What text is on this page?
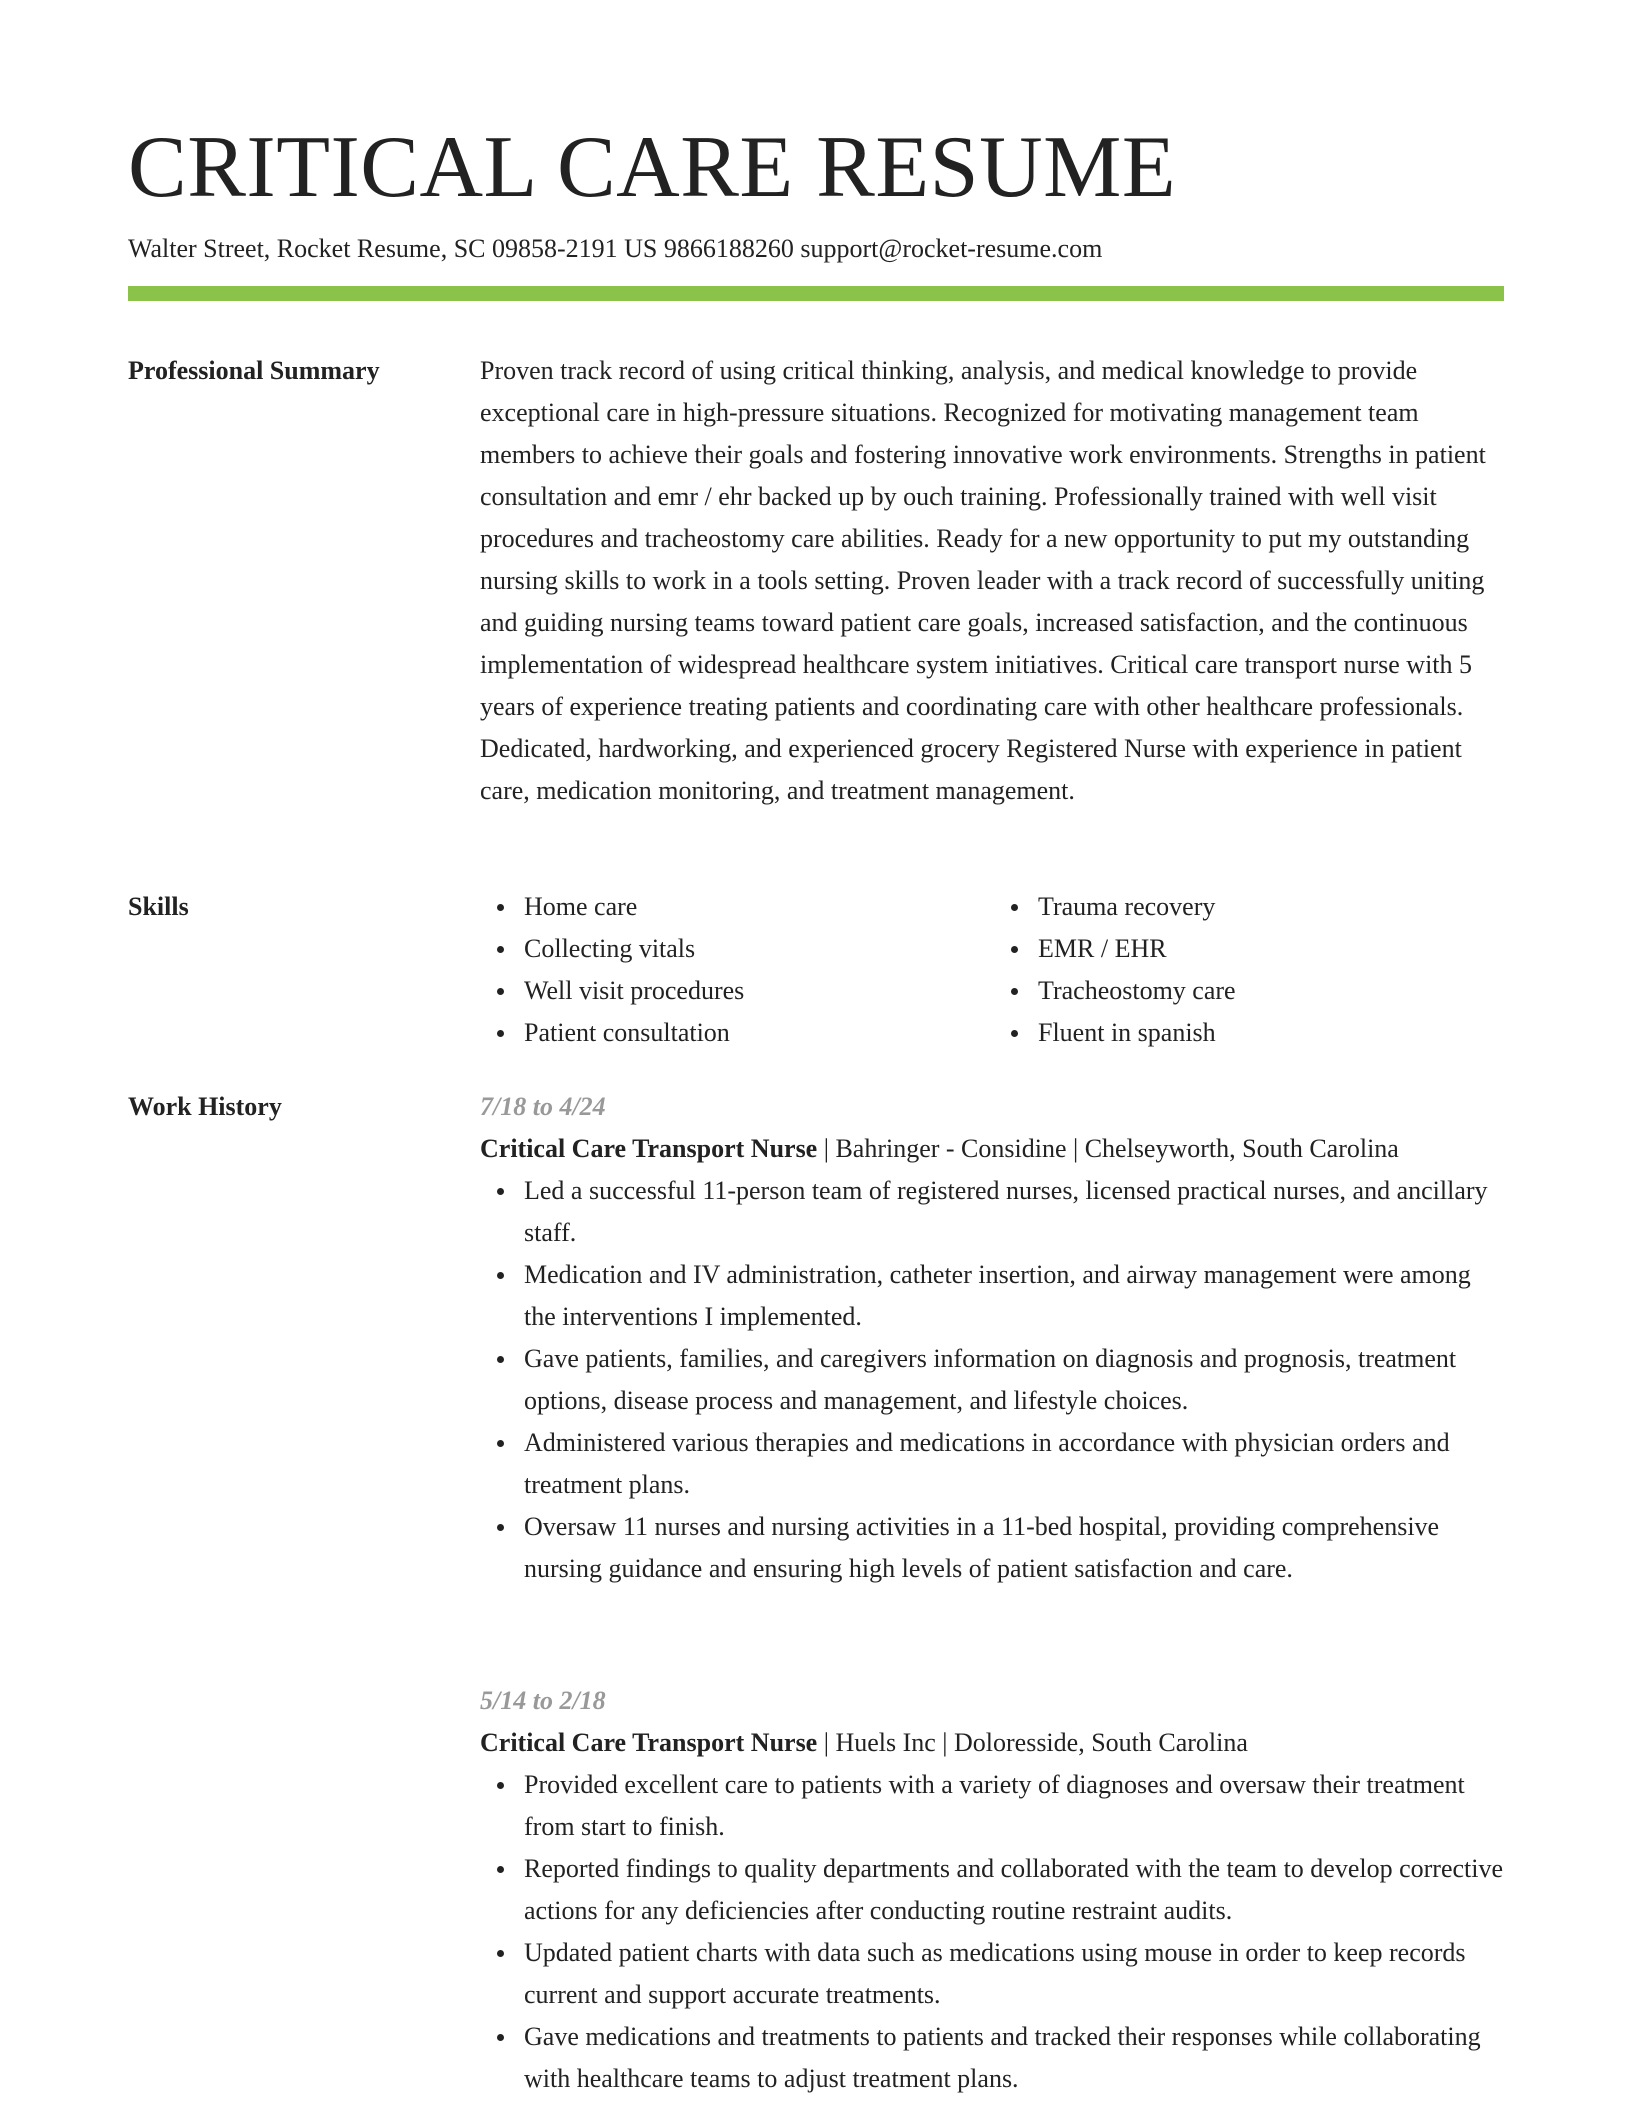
CRITICAL CARE RESUME
Walter Street, Rocket Resume, SC 09858-2191 US 9866188260 support@rocket-resume.com
Professional Summary	Proven track record of using critical thinking, analysis, and medical knowledge to provide exceptional care in high-pressure situations. Recognized for motivating management team members to achieve their goals and fostering innovative work environments. Strengths in patient consultation and emr / ehr backed up by ouch training. Professionally trained with well visit procedures and tracheostomy care abilities. Ready for a new opportunity to put my outstanding nursing skills to work in a tools setting. Proven leader with a track record of successfully uniting and guiding nursing teams toward patient care goals, increased satisfaction, and the continuous implementation of widespread healthcare system initiatives. Critical care transport nurse with 5 years of experience treating patients and coordinating care with other healthcare professionals. Dedicated, hardworking, and experienced grocery Registered Nurse with experience in patient care, medication monitoring, and treatment management.

Skills	Home care
Collecting vitals
Well visit procedures
Patient consultation
Trauma recovery
EMR / EHR
Tracheostomy care
Fluent in spanish
Work History	7/18 to 4/24
Critical Care Transport Nurse | Bahringer - Considine | Chelseyworth, South Carolina
Led a successful 11-person team of registered nurses, licensed practical nurses, and ancillary staff.
Medication and IV administration, catheter insertion, and airway management were among the interventions I implemented.
Gave patients, families, and caregivers information on diagnosis and prognosis, treatment options, disease process and management, and lifestyle choices.
Administered various therapies and medications in accordance with physician orders and treatment plans.
Oversaw 11 nurses and nursing activities in a 11-bed hospital, providing comprehensive nursing guidance and ensuring high levels of patient satisfaction and care.
5/14 to 2/18
Critical Care Transport Nurse | Huels Inc | Doloresside, South Carolina
Provided excellent care to patients with a variety of diagnoses and oversaw their treatment from start to finish.
Reported findings to quality departments and collaborated with the team to develop corrective actions for any deficiencies after conducting routine restraint audits.
Updated patient charts with data such as medications using mouse in order to keep records current and support accurate treatments.
Gave medications and treatments to patients and tracked their responses while collaborating with healthcare teams to adjust treatment plans.
